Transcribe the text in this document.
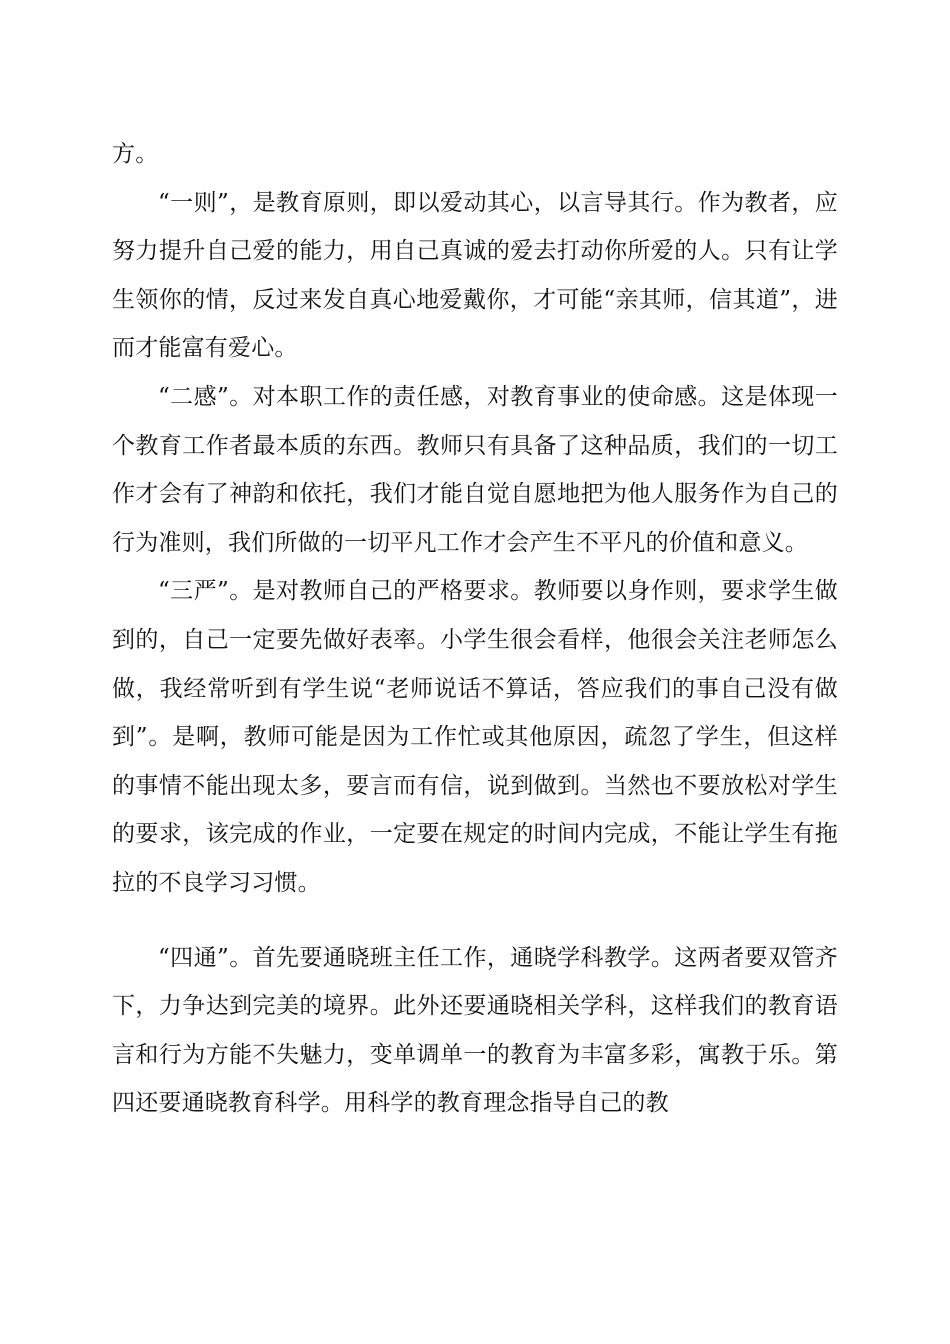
方。

“一则”，是教育原则，即以爱动其心，以言导其行。作为教者，应努力提升自己爱的能力，用自己真诚的爱去打动你所爱的人。只有让学生领你的情，反过来发自真心地爱戴你，才可能“亲其师，信其道”，进而才能富有爱心。

“二感”。对本职工作的责任感，对教育事业的使命感。这是体现一个教育工作者最本质的东西。教师只有具备了这种品质，我们的一切工作才会有了神韵和依托，我们才能自觉自愿地把为他人服务作为自己的行为准则，我们所做的一切平凡工作才会产生不平凡的价值和意义。

“三严”。是对教师自己的严格要求。教师要以身作则，要求学生做到的，自己一定要先做好表率。小学生很会看样，他很会关注老师怎么做，我经常听到有学生说“老师说话不算话，答应我们的事自己没有做到”。是啊，教师可能是因为工作忙或其他原因，疏忽了学生，但这样的事情不能出现太多，要言而有信，说到做到。当然也不要放松对学生的要求，该完成的作业，一定要在规定的时间内完成，不能让学生有拖拉的不良学习习惯。

“四通”。首先要通晓班主任工作，通晓学科教学。这两者要双管齐下，力争达到完美的境界。此外还要通晓相关学科，这样我们的教育语言和行为方能不失魅力，变单调单一的教育为丰富多彩，寓教于乐。第四还要通晓教育科学。用科学的教育理念指导自己的教
